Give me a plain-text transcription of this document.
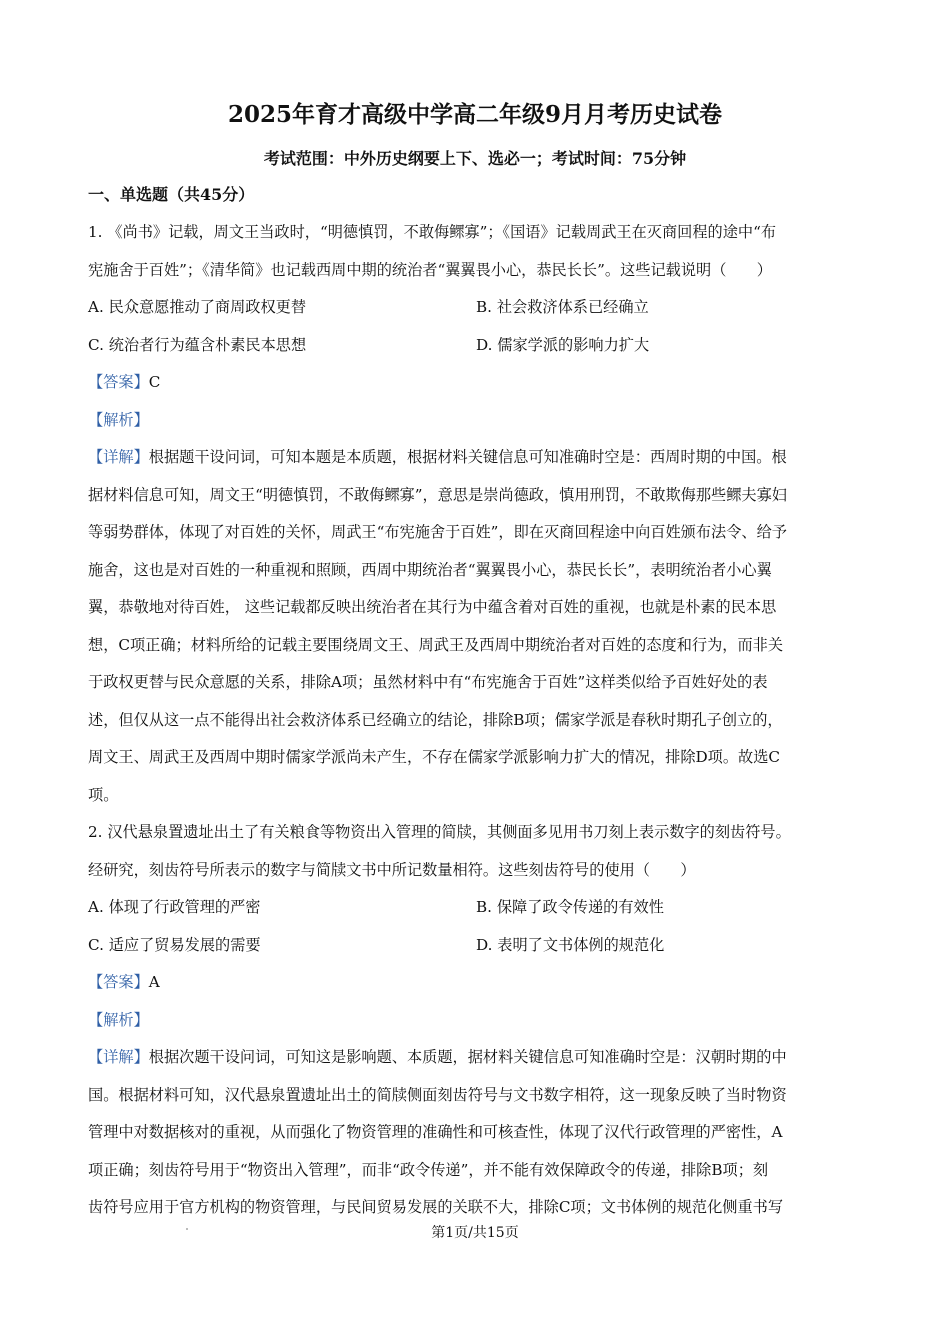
2025年育才高级中学高二年级9月月考历史试卷
考试范围：中外历史纲要上下、选必一；考试时间：75分钟
一、单选题（共45分）
1. 《尚书》记载，周文王当政时，“明德慎罚，不敢侮鳏寡”；《国语》记载周武王在灭商回程的途中“布
宪施舍于百姓”；《清华简》也记载西周中期的统治者“翼翼畏小心，恭民长长”。这些记载说明（　　）
A. 民众意愿推动了商周政权更替	B. 社会救济体系已经确立
C. 统治者行为蕴含朴素民本思想	D. 儒家学派的影响力扩大
【答案】C
【解析】
【详解】根据题干设问词，可知本题是本质题，根据材料关键信息可知准确时空是：西周时期的中国。根
据材料信息可知，周文王“明德慎罚，不敢侮鳏寡”，意思是崇尚德政，慎用刑罚，不敢欺侮那些鳏夫寡妇
等弱势群体，体现了对百姓的关怀，周武王“布宪施舍于百姓”，即在灭商回程途中向百姓颁布法令、给予
施舍，这也是对百姓的一种重视和照顾，西周中期统治者“翼翼畏小心，恭民长长”，表明统治者小心翼
翼，恭敬地对待百姓， 这些记载都反映出统治者在其行为中蕴含着对百姓的重视，也就是朴素的民本思
想，C项正确；材料所给的记载主要围绕周文王、周武王及西周中期统治者对百姓的态度和行为，而非关
于政权更替与民众意愿的关系，排除A项；虽然材料中有“布宪施舍于百姓”这样类似给予百姓好处的表
述，但仅从这一点不能得出社会救济体系已经确立的结论，排除B项；儒家学派是春秋时期孔子创立的，
周文王、周武王及西周中期时儒家学派尚未产生，不存在儒家学派影响力扩大的情况，排除D项。故选C
项。
2. 汉代悬泉置遗址出土了有关粮食等物资出入管理的简牍，其侧面多见用书刀刻上表示数字的刻齿符号。
经研究，刻齿符号所表示的数字与简牍文书中所记数量相符。这些刻齿符号的使用（　　）
A. 体现了行政管理的严密	B. 保障了政令传递的有效性
C. 适应了贸易发展的需要	D. 表明了文书体例的规范化
【答案】A
【解析】
【详解】根据次题干设问词，可知这是影响题、本质题，据材料关键信息可知准确时空是：汉朝时期的中
国。根据材料可知，汉代悬泉置遗址出土的简牍侧面刻齿符号与文书数字相符，这一现象反映了当时物资
管理中对数据核对的重视，从而强化了物资管理的准确性和可核查性，体现了汉代行政管理的严密性，A
项正确；刻齿符号用于“物资出入管理”，而非“政令传递”，并不能有效保障政令的传递，排除B项；刻
齿符号应用于官方机构的物资管理，与民间贸易发展的关联不大，排除C项；文书体例的规范化侧重书写
第1页/共15页
